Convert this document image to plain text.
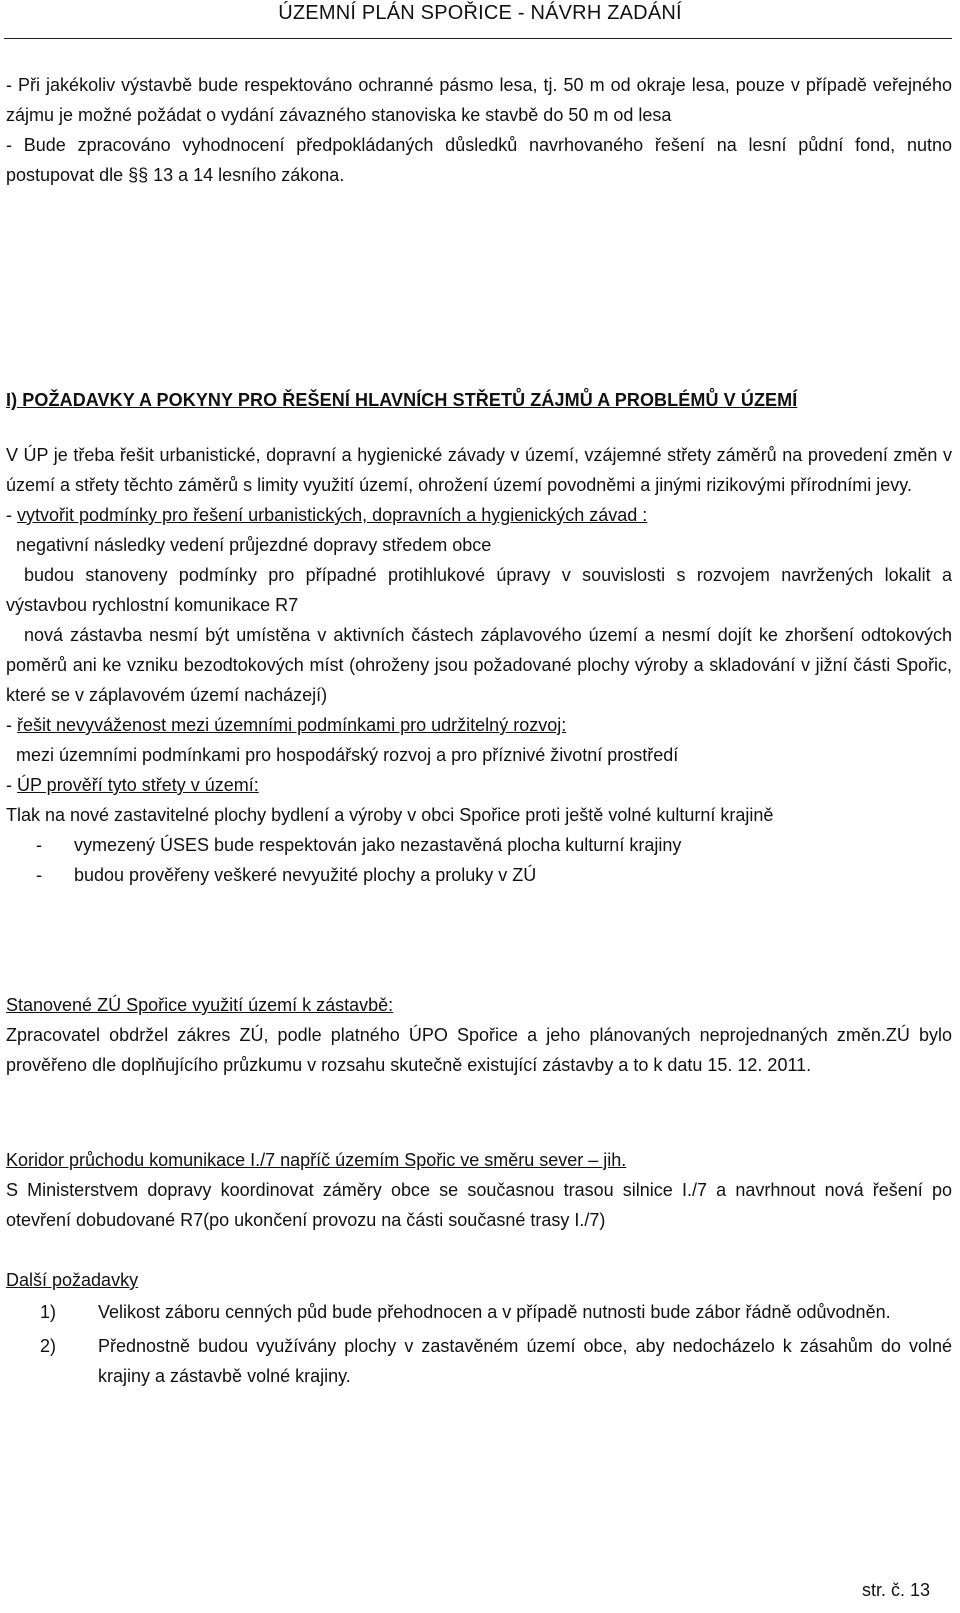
ÚZEMNÍ PLÁN SPOŘICE - NÁVRH ZADÁNÍ

- Při jakékoliv výstavbě bude respektováno ochranné pásmo lesa, tj. 50 m od okraje lesa, pouze v případě veřejného zájmu je možné požádat o vydání závazného stanoviska ke stavbě do 50 m od lesa

- Bude zpracováno vyhodnocení předpokládaných důsledků navrhovaného řešení na lesní půdní fond, nutno postupovat dle §§ 13 a 14 lesního zákona.

I) POŽADAVKY A POKYNY PRO ŘEŠENÍ HLAVNÍCH STŘETŮ ZÁJMŮ A PROBLÉMŮ V ÚZEMÍ

V ÚP je třeba řešit urbanistické, dopravní a hygienické závady v území, vzájemné střety záměrů na provedení změn v území a střety těchto záměrů s limity využití území, ohrožení území povodněmi a jinými rizikovými přírodními jevy.

- vytvořit podmínky pro řešení urbanistických, dopravních a hygienických závad :

negativní následky vedení průjezdné dopravy středem obce

budou stanoveny podmínky pro případné protihlukové úpravy v souvislosti s rozvojem navržených lokalit a výstavbou rychlostní komunikace R7

nová zástavba nesmí být umístěna v aktivních částech záplavového území a nesmí dojít ke zhoršení odtokových poměrů ani ke vzniku bezodtokových míst (ohroženy jsou požadované plochy výroby a skladování v jižní části Spořic, které se v záplavovém území nacházejí)

- řešit nevyváženost mezi územními podmínkami pro udržitelný rozvoj:

mezi územními podmínkami pro hospodářský rozvoj a pro příznivé životní prostředí

- ÚP prověří tyto střety v území:

Tlak na nové zastavitelné plochy bydlení a výroby v obci Spořice proti ještě volné kulturní krajině

-	vymezený ÚSES bude respektován jako nezastavěná plocha kulturní krajiny
-	budou prověřeny veškeré nevyužité plochy a proluky v ZÚ

Stanovené ZÚ Spořice využití území k zástavbě:

Zpracovatel obdržel zákres ZÚ, podle platného ÚPO Spořice a jeho plánovaných neprojednaných změn.ZÚ bylo prověřeno dle doplňujícího průzkumu v rozsahu skutečně existující zástavby a to k datu 15. 12. 2011.

Koridor průchodu komunikace I./7 napříč územím Spořic ve směru sever – jih.

S Ministerstvem dopravy koordinovat záměry obce se současnou trasou silnice I./7 a navrhnout nová řešení po otevření dobudované R7(po ukončení provozu na části současné trasy I./7)

Další požadavky

1)	Velikost záboru cenných půd bude přehodnocen a v případě nutnosti bude zábor řádně odůvodněn.
2)	Přednostně budou využívány plochy v zastavěném území obce, aby nedocházelo k zásahům do volné krajiny a zástavbě volné krajiny.
str. č. 13
